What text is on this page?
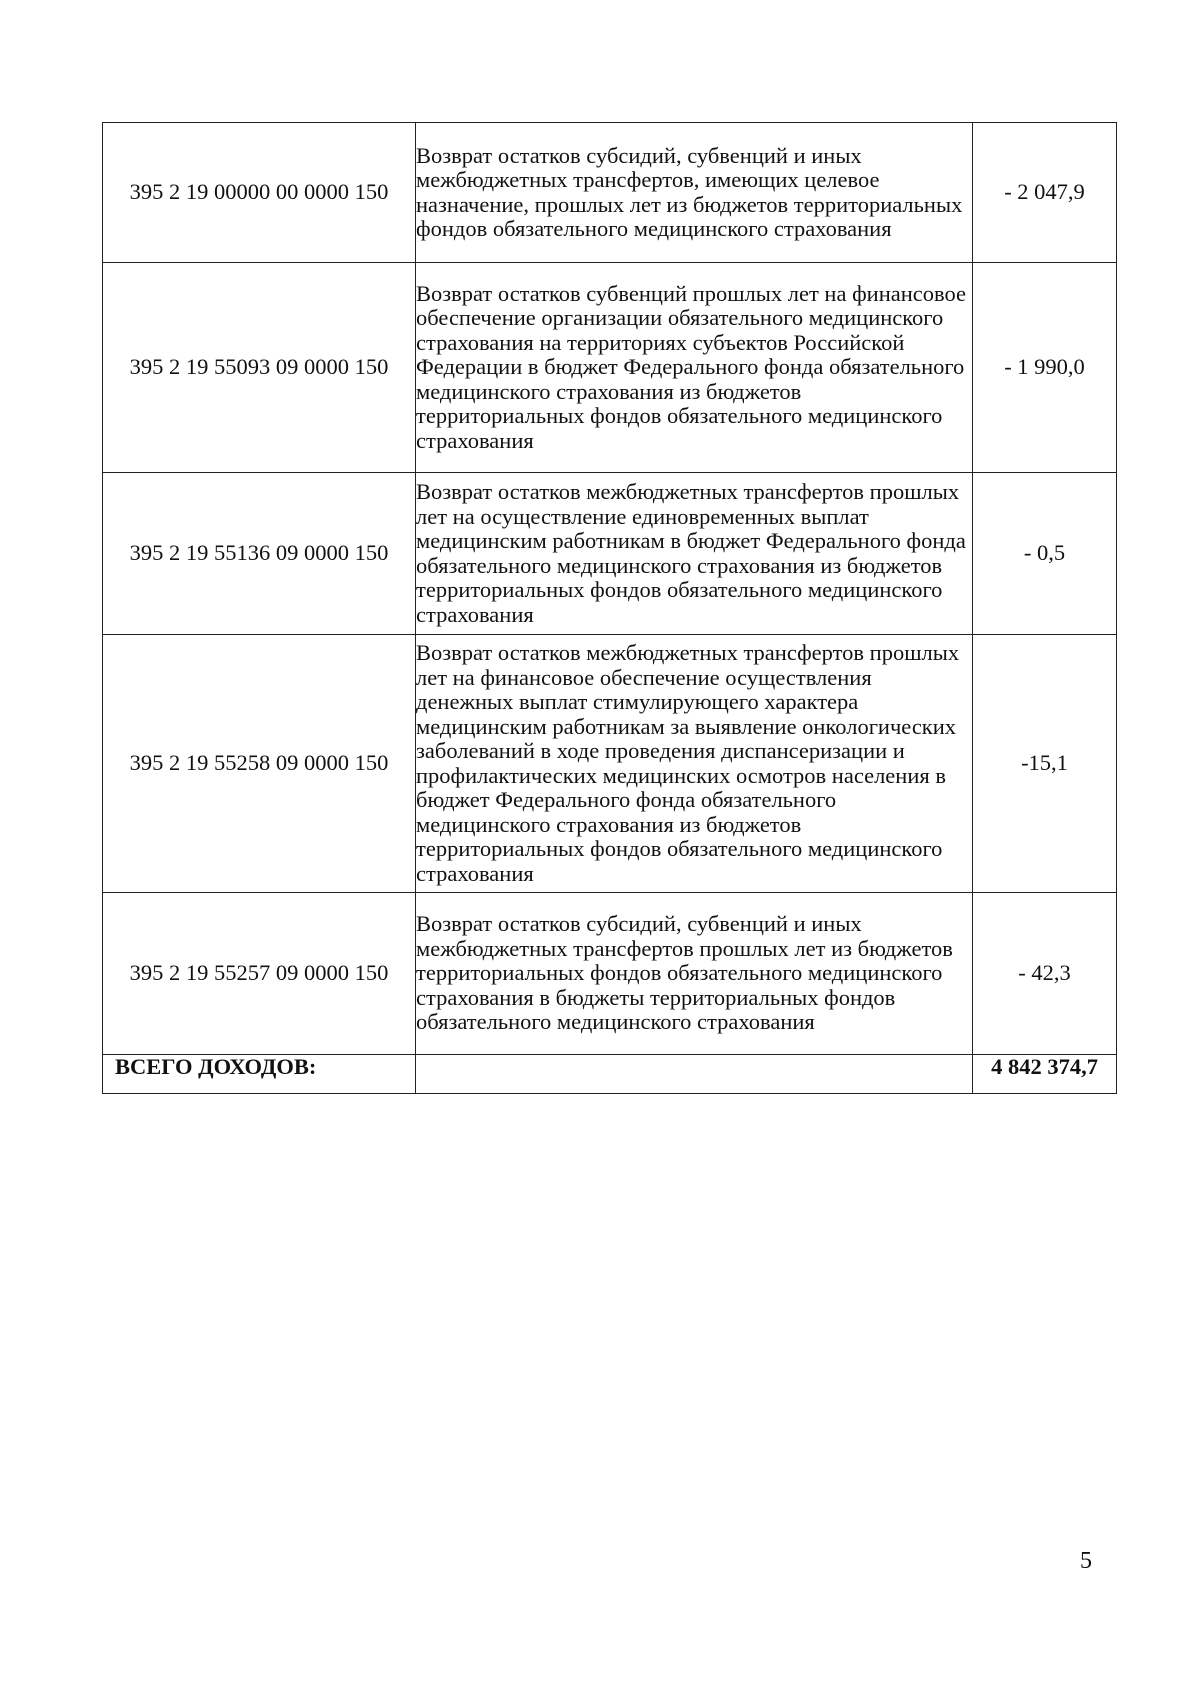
395 2 19 00000 00 0000 150	Возврат остатков субсидий, субвенций и иных межбюджетных трансфертов, имеющих целевое назначение, прошлых лет из бюджетов территориальных фондов обязательного медицинского страхования	- 2 047,9
395 2 19 55093 09 0000 150	Возврат остатков субвенций прошлых лет на финансовое обеспечение организации обязательного медицинского страхования на территориях субъектов Российской Федерации в бюджет Федерального фонда обязательного медицинского страхования из бюджетов территориальных фондов обязательного медицинского страхования	- 1 990,0
395 2 19 55136 09 0000 150	Возврат остатков межбюджетных трансфертов прошлых лет на осуществление единовременных выплат медицинским работникам в бюджет Федерального фонда обязательного медицинского страхования из бюджетов территориальных фондов обязательного медицинского страхования	- 0,5
395 2 19 55258 09 0000 150	Возврат остатков межбюджетных трансфертов прошлых лет на финансовое обеспечение осуществления денежных выплат стимулирующего характера медицинским работникам за выявление онкологических заболеваний в ходе проведения диспансеризации и профилактических медицинских осмотров населения в бюджет Федерального фонда обязательного медицинского страхования из бюджетов территориальных фондов обязательного медицинского страхования	-15,1
395 2 19 55257 09 0000 150	Возврат остатков субсидий, субвенций и иных межбюджетных трансфертов прошлых лет из бюджетов территориальных фондов обязательного медицинского страхования в бюджеты территориальных фондов обязательного медицинского страхования	- 42,3
ВСЕГО ДОХОДОВ:		4 842 374,7
5
